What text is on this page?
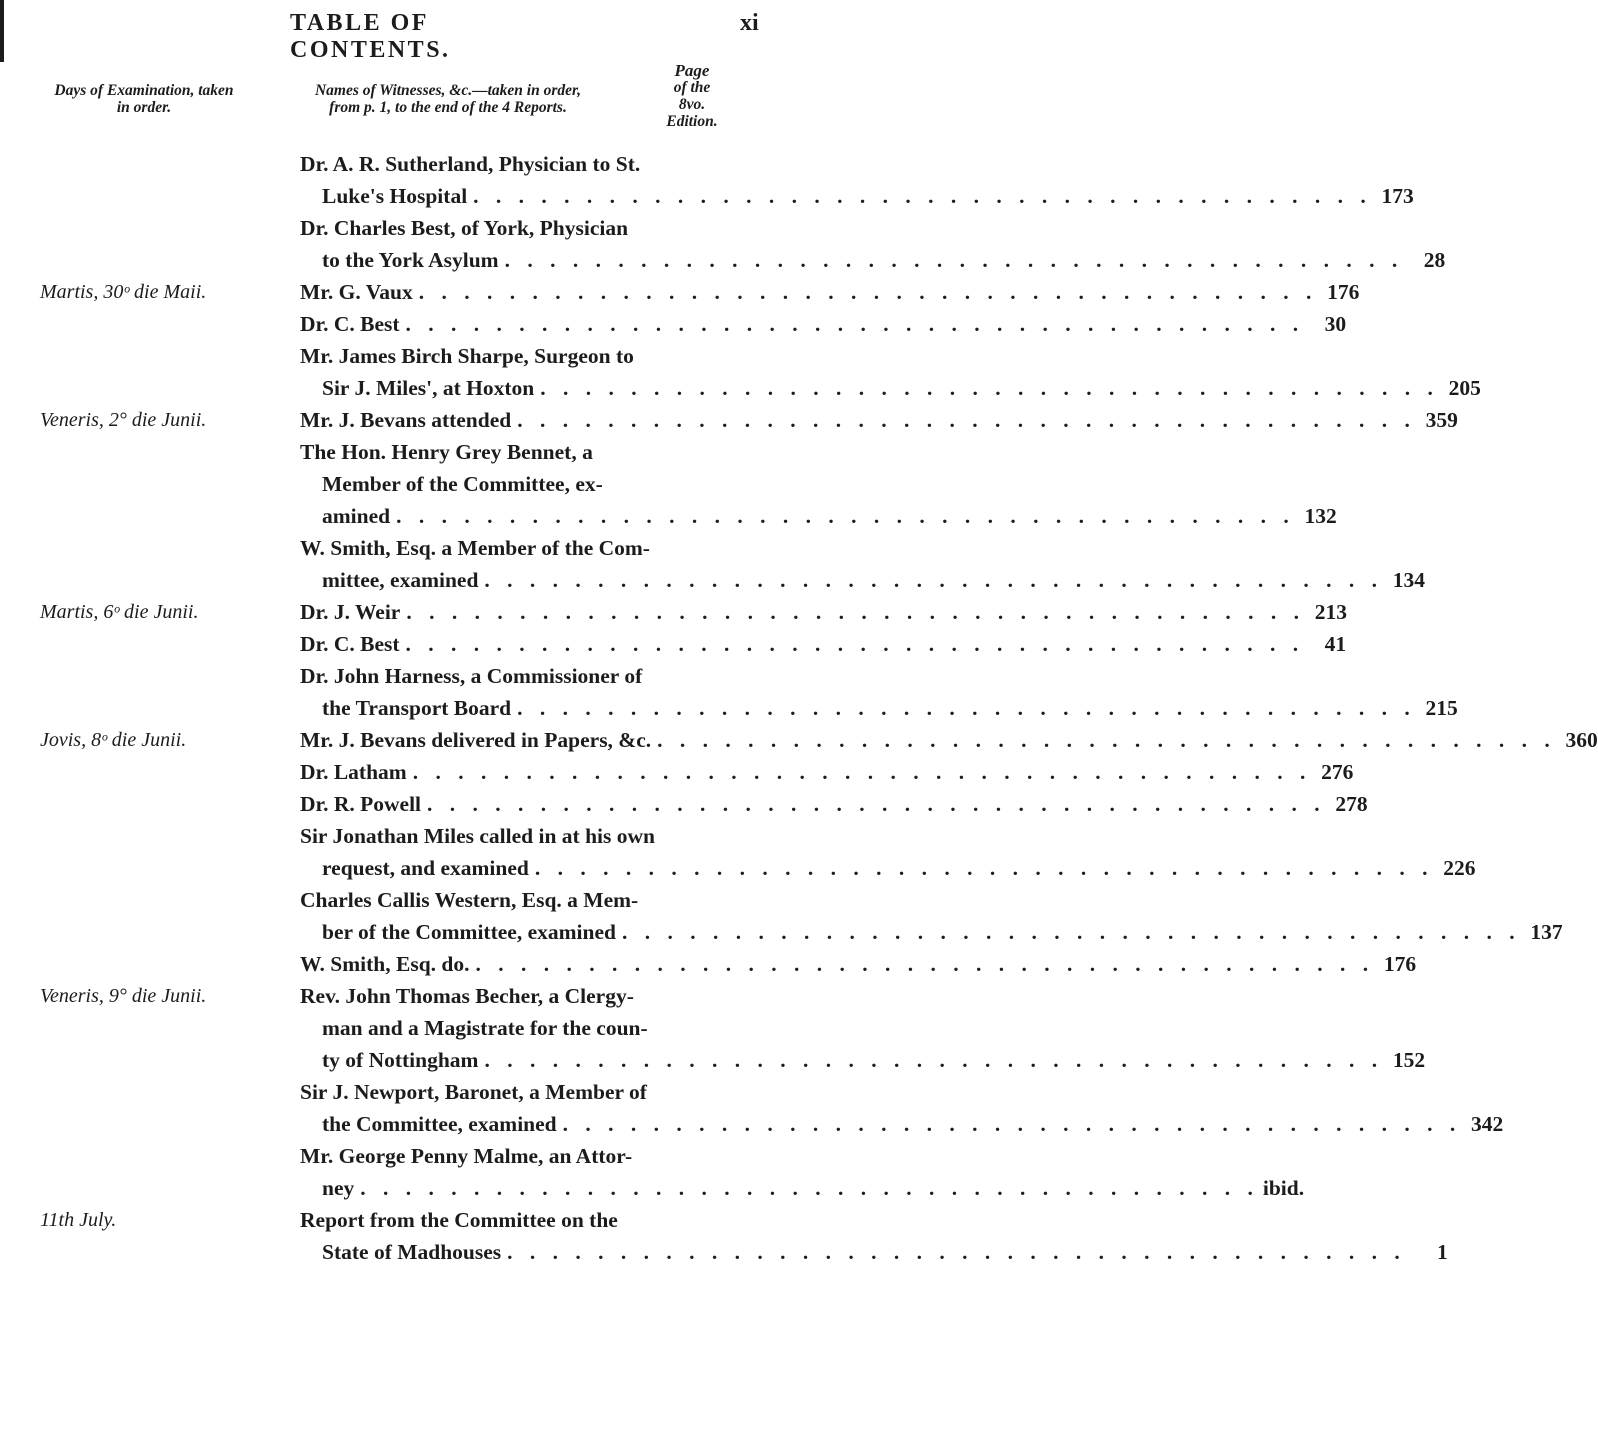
TABLE OF CONTENTS.
xi
Days of Examination, taken
in order.
Names of Witnesses, &c.—taken in order,
from p. 1, to the end of the 4 Reports.
Page
of the
8vo.
Edition.
Dr. A. R. Sutherland, Physician to St.
Luke's Hospital . . . . . . . . . . . . . . . . . . . . . . . . . . . . . . . . . . . . . . . . 173
Dr. Charles Best, of York, Physician
to the York Asylum . . . . . . . . . . . . . . . . . . . . . . . . . . . . . . . . . . . . . . . . 28
Martis, 30ᵒ die Maii.	Mr. G. Vaux . . . . . . . . . . . . . . . . . . . . . . . . . . . . . . . . . . . . . . . . 176
Dr. C. Best . . . . . . . . . . . . . . . . . . . . . . . . . . . . . . . . . . . . . . . . 30
Mr. James Birch Sharpe, Surgeon to
Sir J. Miles', at Hoxton . . . . . . . . . . . . . . . . . . . . . . . . . . . . . . . . . . . . . . . . 205
Veneris, 2° die Junii.	Mr. J. Bevans attended . . . . . . . . . . . . . . . . . . . . . . . . . . . . . . . . . . . . . . . . 359
The Hon. Henry Grey Bennet, a
Member of the Committee, ex-
amined . . . . . . . . . . . . . . . . . . . . . . . . . . . . . . . . . . . . . . . . 132
W. Smith, Esq. a Member of the Com-
mittee, examined . . . . . . . . . . . . . . . . . . . . . . . . . . . . . . . . . . . . . . . . 134
Martis, 6ᵒ die Junii.	Dr. J. Weir . . . . . . . . . . . . . . . . . . . . . . . . . . . . . . . . . . . . . . . . 213
Dr. C. Best . . . . . . . . . . . . . . . . . . . . . . . . . . . . . . . . . . . . . . . . 41
Dr. John Harness, a Commissioner of
the Transport Board . . . . . . . . . . . . . . . . . . . . . . . . . . . . . . . . . . . . . . . . 215
Jovis, 8ᵒ die Junii.	Mr. J. Bevans delivered in Papers, &c. . . . . . . . . . . . . . . . . . . . . . . . . . . . . . . . . . . . . . . . . 360
Dr. Latham . . . . . . . . . . . . . . . . . . . . . . . . . . . . . . . . . . . . . . . . 276
Dr. R. Powell . . . . . . . . . . . . . . . . . . . . . . . . . . . . . . . . . . . . . . . . 278
Sir Jonathan Miles called in at his own
request, and examined . . . . . . . . . . . . . . . . . . . . . . . . . . . . . . . . . . . . . . . . 226
Charles Callis Western, Esq. a Mem-
ber of the Committee, examined . . . . . . . . . . . . . . . . . . . . . . . . . . . . . . . . . . . . . . . . 137
W. Smith, Esq. do. . . . . . . . . . . . . . . . . . . . . . . . . . . . . . . . . . . . . . . . . 176
Veneris, 9° die Junii.	Rev. John Thomas Becher, a Clergy-
man and a Magistrate for the coun-
ty of Nottingham . . . . . . . . . . . . . . . . . . . . . . . . . . . . . . . . . . . . . . . . 152
Sir J. Newport, Baronet, a Member of
the Committee, examined . . . . . . . . . . . . . . . . . . . . . . . . . . . . . . . . . . . . . . . . 342
Mr. George Penny Malme, an Attor-
ney . . . . . . . . . . . . . . . . . . . . . . . . . . . . . . . . . . . . . . . . ibid.
11th July.	Report from the Committee on the
State of Madhouses . . . . . . . . . . . . . . . . . . . . . . . . . . . . . . . . . . . . . . . .	1
